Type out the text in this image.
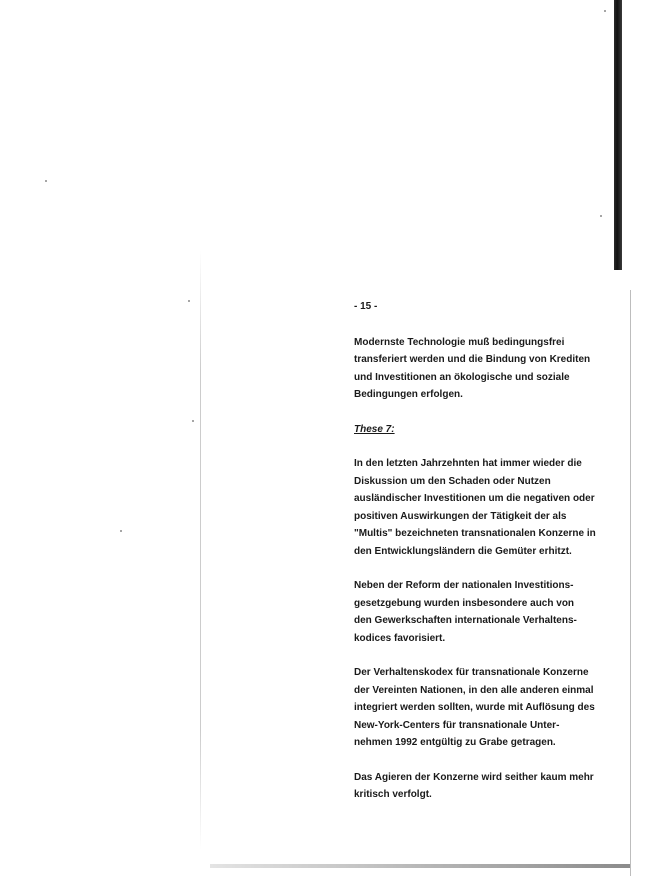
- 15 -
Modernste Technologie muß bedingungsfrei
transferiert werden und die Bindung von Krediten
und Investitionen an ökologische und soziale
Bedingungen erfolgen.
These 7:
In den letzten Jahrzehnten hat immer wieder die
Diskussion um den Schaden oder Nutzen
ausländischer Investitionen um die negativen oder
positiven Auswirkungen der Tätigkeit der als
"Multis" bezeichneten transnationalen Konzerne in
den Entwicklungsländern die Gemüter erhitzt.
Neben der Reform der nationalen Investitions-
gesetzgebung wurden insbesondere auch von
den Gewerkschaften internationale Verhaltens-
kodices favorisiert.
Der Verhaltenskodex für transnationale Konzerne
der Vereinten Nationen, in den alle anderen einmal
integriert werden sollten, wurde mit Auflösung des
New-York-Centers für transnationale Unter-
nehmen 1992 entgültig zu Grabe getragen.
Das Agieren der Konzerne wird seither kaum mehr
kritisch verfolgt.
